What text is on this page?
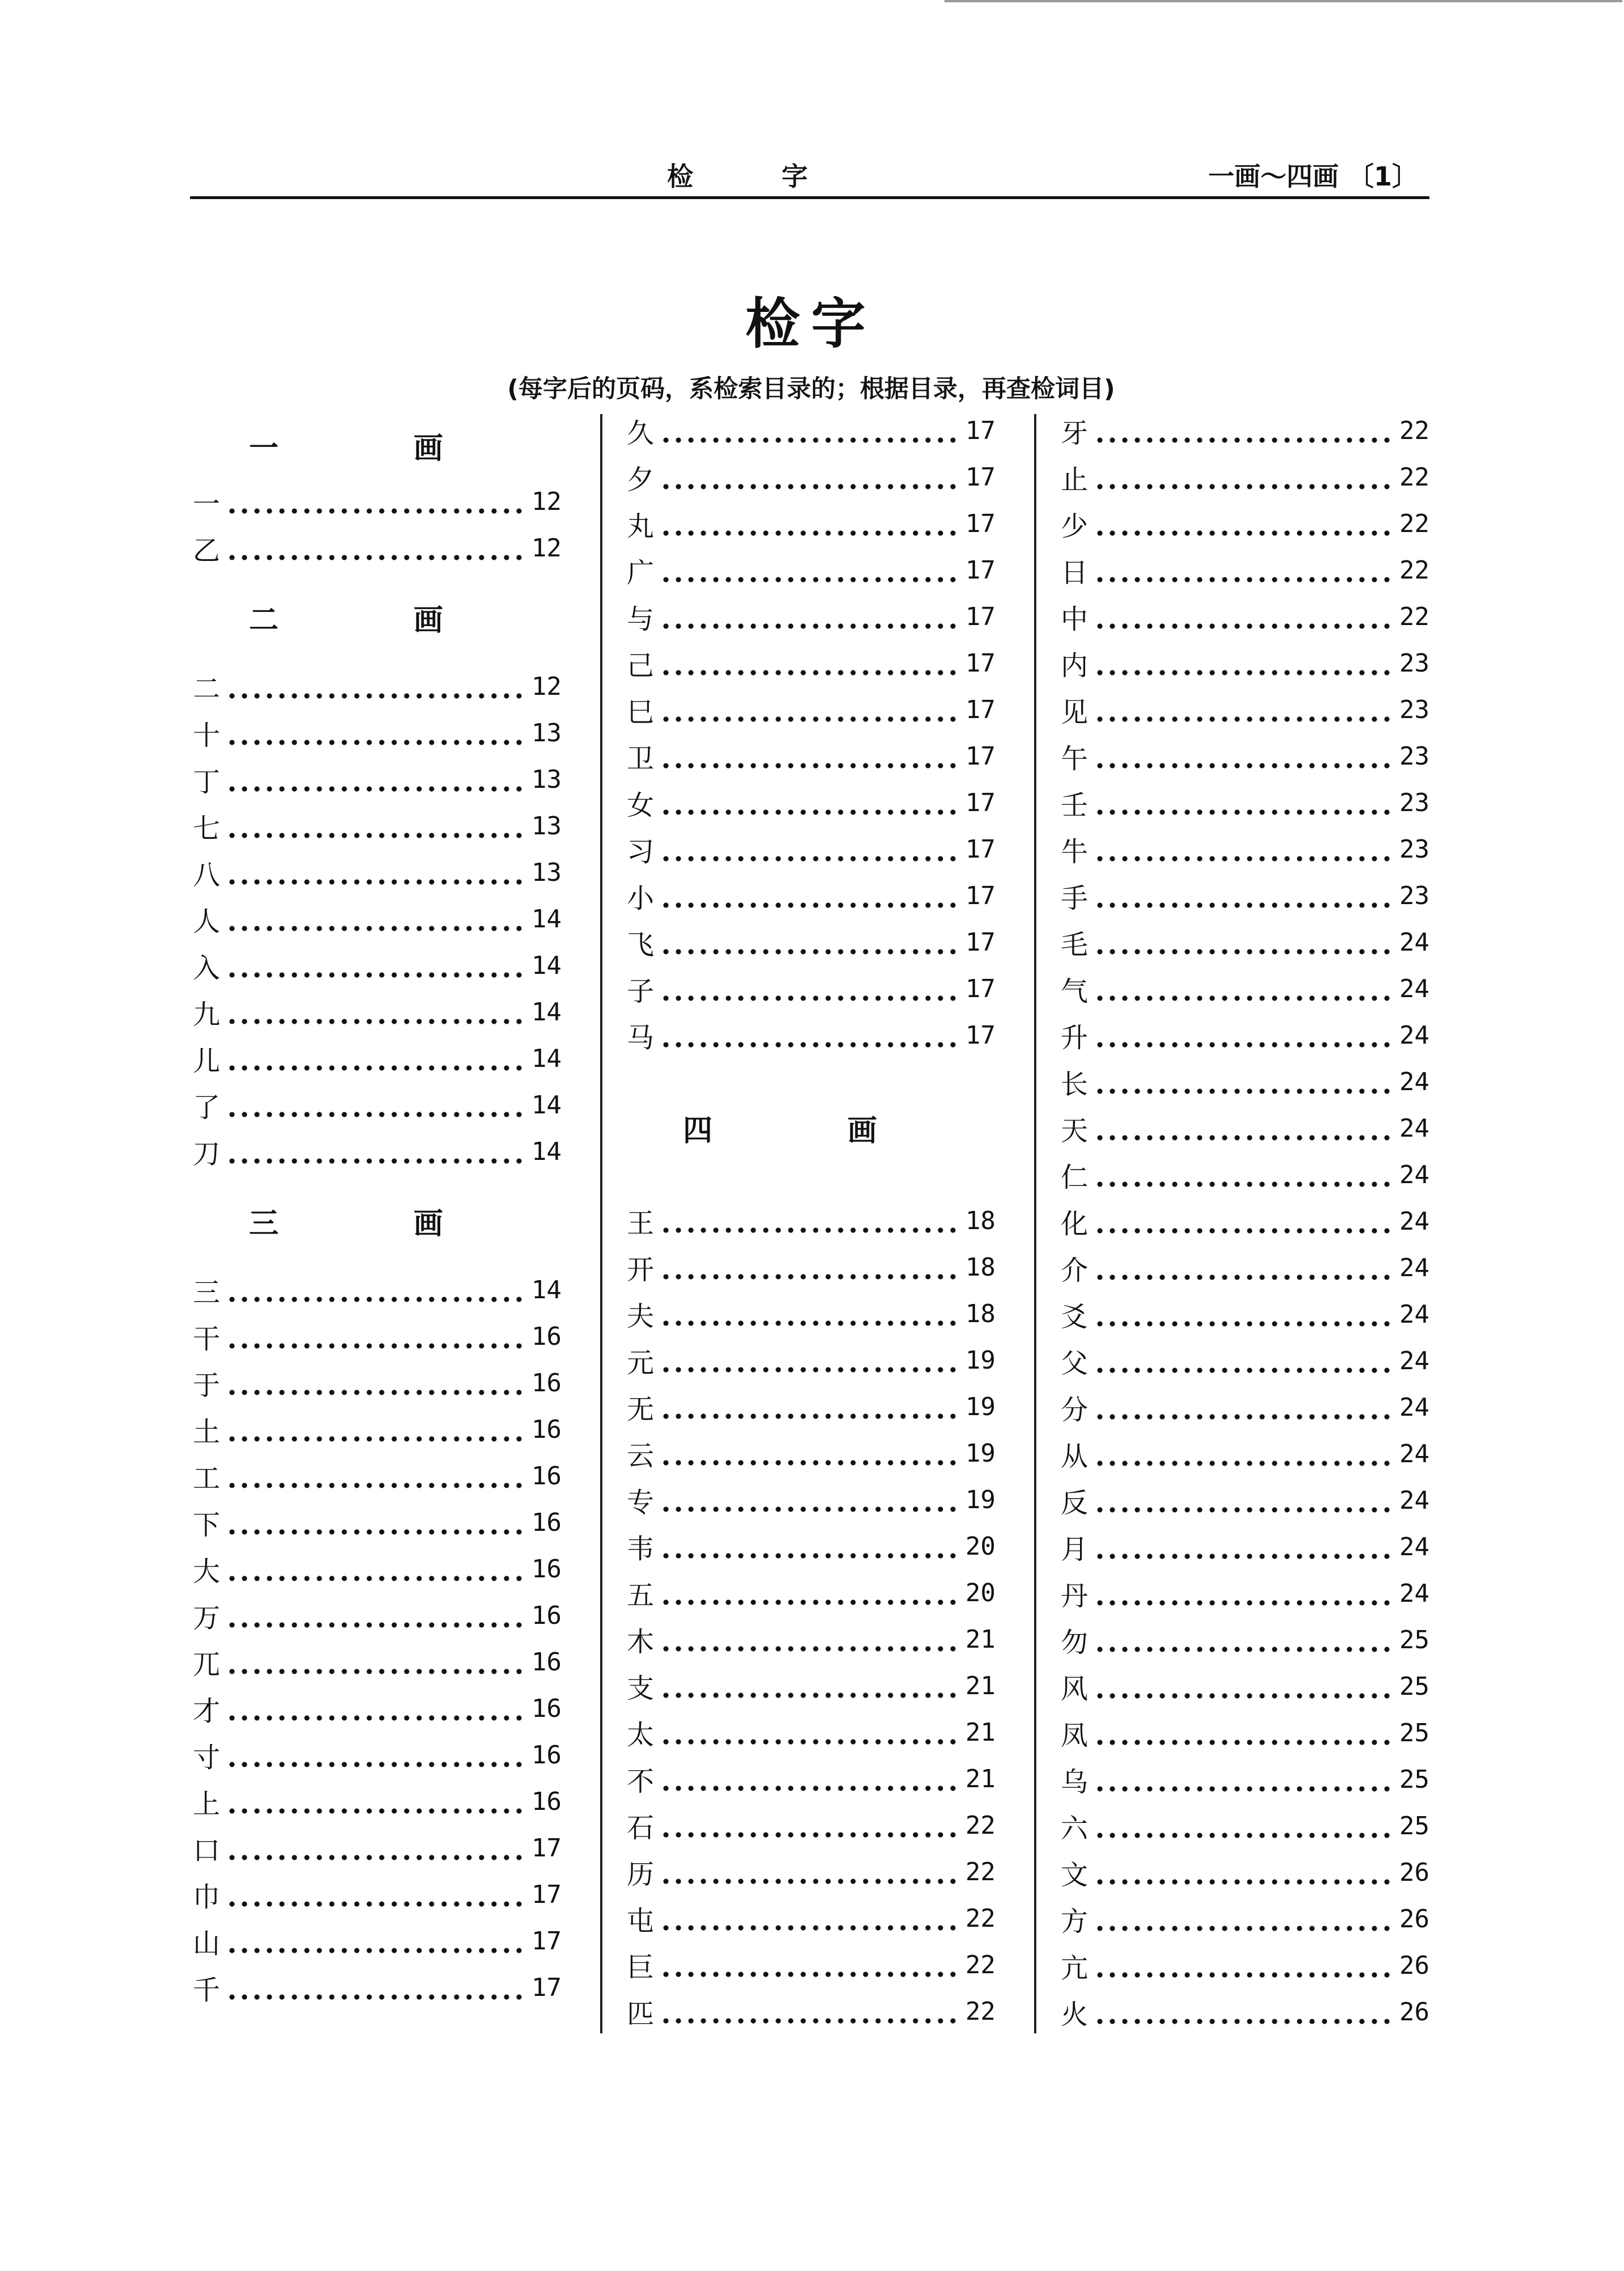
检 字	一画～四画 〔1〕
检字
(每字后的页码，系检索目录的；根据目录，再查检词目)
一 画
一	12
乙	12
二 画
二	12
十	13
丁	13
七	13
八	13
人	14
入	14
九	14
儿	14
了	14
刀	14
三 画
三	14
干	16
于	16
土	16
工	16
下	16
大	16
万	16
兀	16
才	16
寸	16
上	16
口	17
巾	17
山	17
千	17
久	17
夕	17
丸	17
广	17
与	17
己	17
巳	17
卫	17
女	17
习	17
小	17
飞	17
子	17
马	17
四 画
王	18
开	18
夫	18
元	19
无	19
云	19
专	19
韦	20
五	20
木	21
支	21
太	21
不	21
石	22
历	22
屯	22
巨	22
匹	22
牙	22
止	22
少	22
日	22
中	22
内	23
见	23
午	23
壬	23
牛	23
手	23
毛	24
气	24
升	24
长	24
天	24
仁	24
化	24
介	24
爻	24
父	24
分	24
从	24
反	24
月	24
丹	24
勿	25
风	25
凤	25
乌	25
六	25
文	26
方	26
亢	26
火	26
